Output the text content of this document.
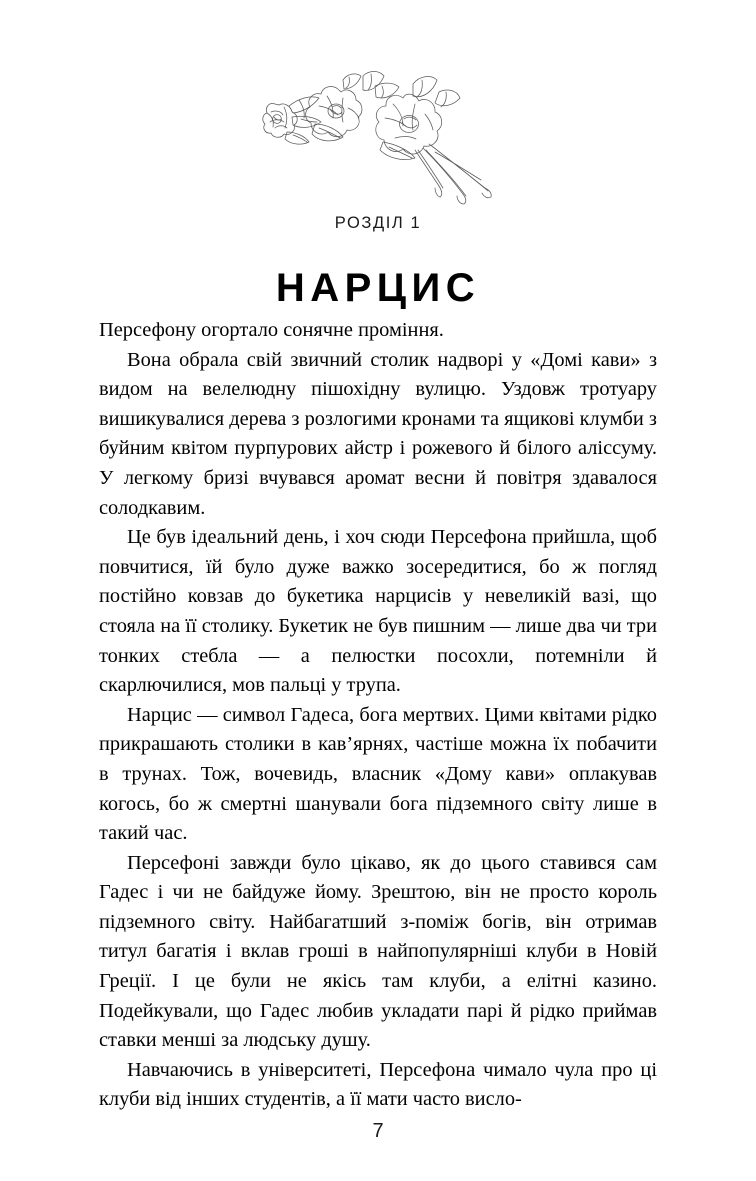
РОЗДІЛ 1
НАРЦИС

Персефону огортало сонячне проміння.

Вона обрала свій звичний столик надворі у «Домі кави» з видом на велелюдну пішохідну вулицю. Уздовж тротуару вишикувалися дерева з розлогими кронами та ящикові клумби з буйним квітом пурпурових айстр і рожевого й білого аліссуму. У легкому бризі вчувався аромат весни й повітря здавалося солодкавим.

Це був ідеальний день, і хоч сюди Персефона прийшла, щоб повчитися, їй було дуже важко зосередитися, бо ж погляд постійно ковзав до букетика нарцисів у невеликій вазі, що стояла на її столику. Букетик не був пишним — лише два чи три тонких стебла — а пелюстки посохли, потемніли й скарлючилися, мов пальці у трупа.

Нарцис — символ Гадеса, бога мертвих. Цими квітами рідко прикрашають столики в кав’ярнях, частіше можна їх побачити в трунах. Тож, вочевидь, власник «Дому кави» оплакував когось, бо ж смертні шанували бога підземного світу лише в такий час.

Персефоні завжди було цікаво, як до цього ставився сам Гадес і чи не байдуже йому. Зрештою, він не просто король підземного світу. Найбагатший з-поміж богів, він отримав титул багатія і вклав гроші в найпопулярніші клуби в Новій Греції. І це були не якісь там клуби, а елітні казино. Подейкували, що Гадес любив укладати парі й рідко приймав ставки менші за людську душу.

Навчаючись в університеті, Персефона чимало чула про ці клуби від інших студентів, а її мати часто висло-

7
